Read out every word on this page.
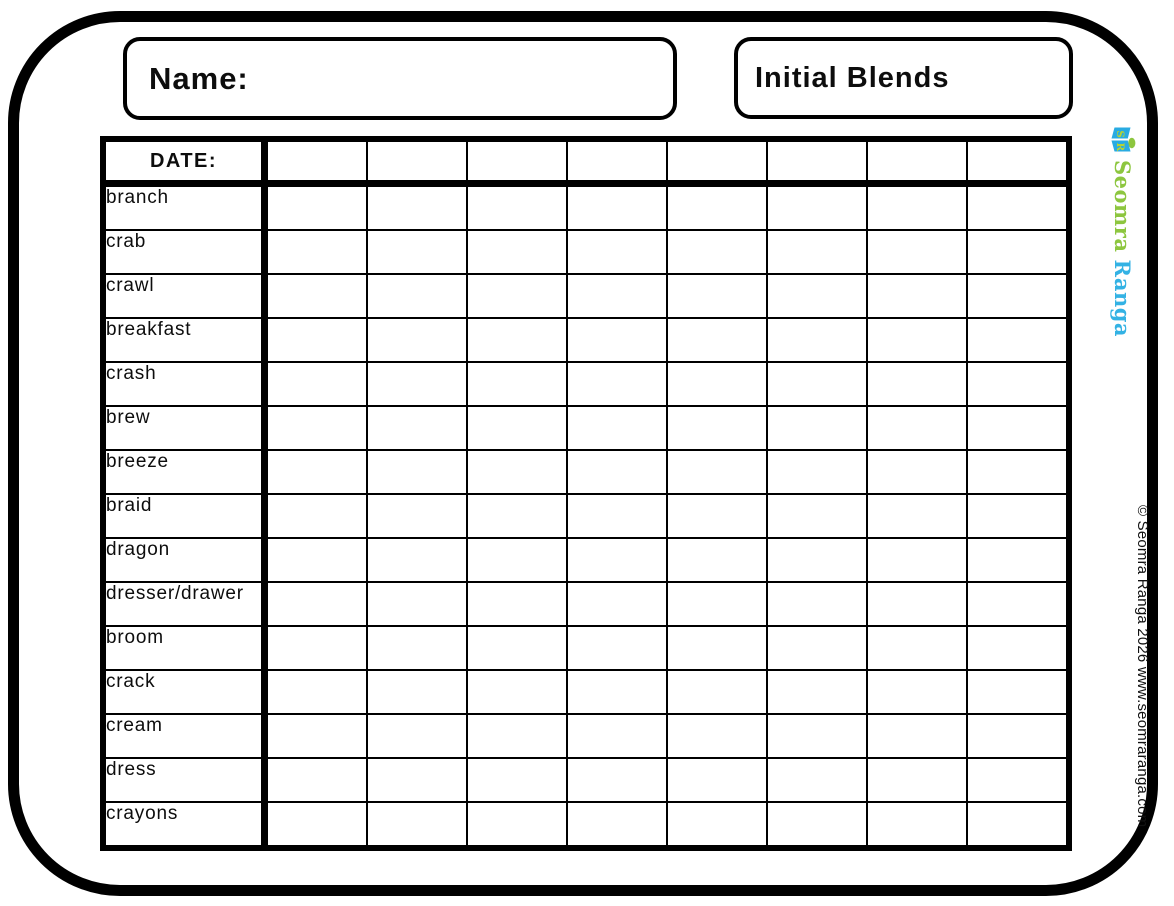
Name:	Initial Blends
DATE:								
branch								
crab								
crawl								
breakfast								
crash								
brew								
breeze								
braid								
dragon								
dresser/drawer								
broom								
crack								
cream								
dress								
crayons								
S
R
Seomra
Ranga
© Seomra Ranga 2026 www.seomraranga.com
